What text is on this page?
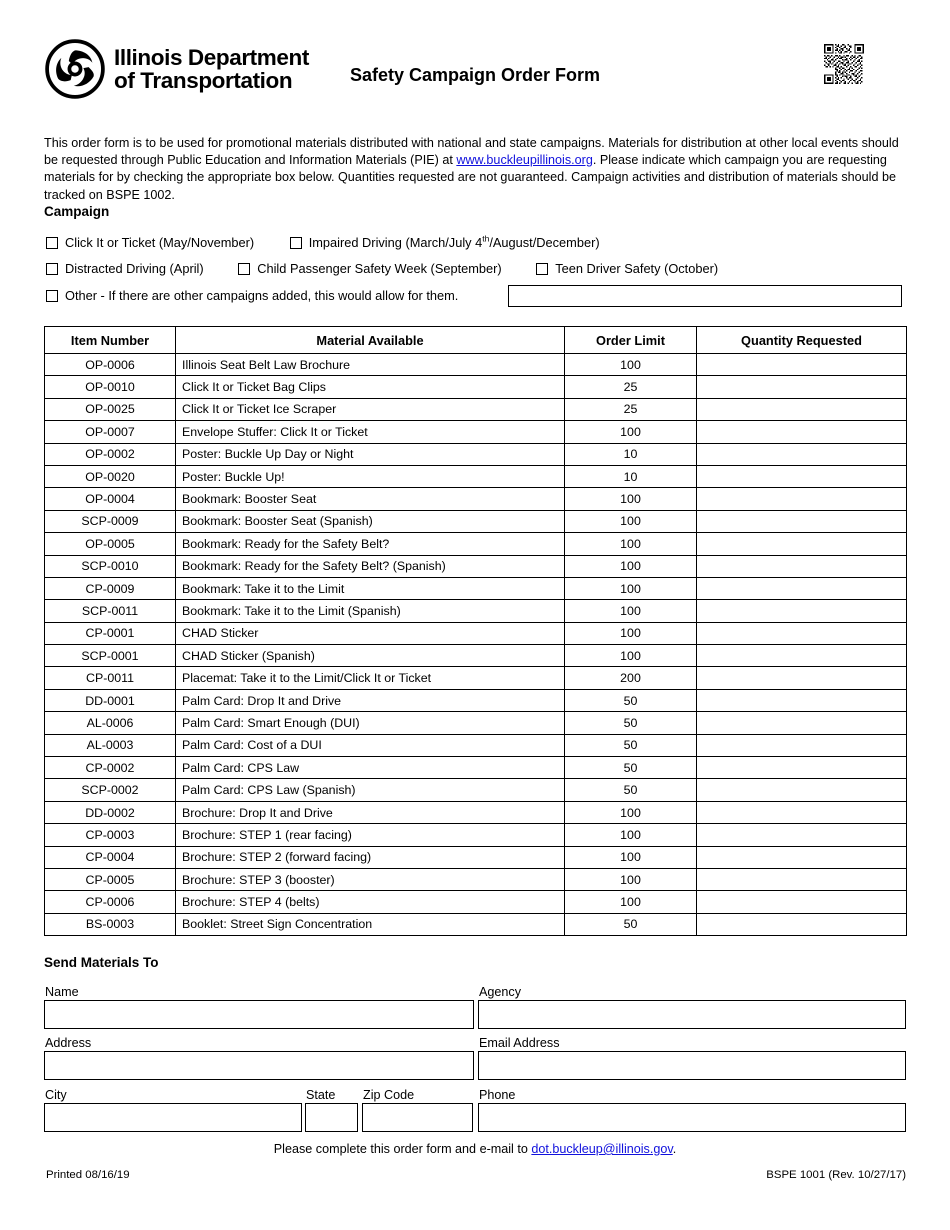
Safety Campaign Order Form
Illinois Department
of Transportation

This order form is to be used for promotional materials distributed with national and state campaigns. Materials for distribution at other local events should be requested through Public Education and Information Materials (PIE) at www.buckleupillinois.org. Please indicate which campaign you are requesting materials for by checking the appropriate box below. Quantities requested are not guaranteed. Campaign activities and distribution of materials should be tracked on BSPE 1002.

Campaign
Click It or Ticket (May/November)
	Impaired Driving (March/July 4th/August/December)
Distracted Driving (April)
	Child Passenger Safety Week (September)
	Teen Driver Safety (October)
Other - If there are other campaigns added, this would allow for them.
Item Number	Material Available	Order Limit	Quantity Requested
OP-0006	Illinois Seat Belt Law Brochure	100	
OP-0010	Click It or Ticket Bag Clips	25	
OP-0025	Click It or Ticket Ice Scraper	25	
OP-0007	Envelope Stuffer: Click It or Ticket	100	
OP-0002	Poster: Buckle Up Day or Night	10	
OP-0020	Poster: Buckle Up!	10	
OP-0004	Bookmark: Booster Seat	100	
SCP-0009	Bookmark: Booster Seat (Spanish)	100	
OP-0005	Bookmark: Ready for the Safety Belt?	100	
SCP-0010	Bookmark: Ready for the Safety Belt? (Spanish)	100	
CP-0009	Bookmark: Take it to the Limit	100	
SCP-0011	Bookmark: Take it to the Limit (Spanish)	100	
CP-0001	CHAD Sticker	100	
SCP-0001	CHAD Sticker (Spanish)	100	
CP-0011	Placemat: Take it to the Limit/Click It or Ticket	200	
DD-0001	Palm Card: Drop It and Drive	50	
AL-0006	Palm Card: Smart Enough (DUI)	50	
AL-0003	Palm Card: Cost of a DUI	50	
CP-0002	Palm Card: CPS Law	50	
SCP-0002	Palm Card: CPS Law (Spanish)	50	
DD-0002	Brochure: Drop It and Drive	100	
CP-0003	Brochure: STEP 1 (rear facing)	100	
CP-0004	Brochure: STEP 2 (forward facing)	100	
CP-0005	Brochure: STEP 3 (booster)	100	
CP-0006	Brochure: STEP 4 (belts)	100	
BS-0003	Booklet: Street Sign Concentration	50	
Send Materials To
Name	Agency
Address	Email Address
City	State Zip Code	Phone
Please complete this order form and e-mail to dot.buckleup@illinois.gov.
Printed 08/16/19	BSPE 1001 (Rev. 10/27/17)
